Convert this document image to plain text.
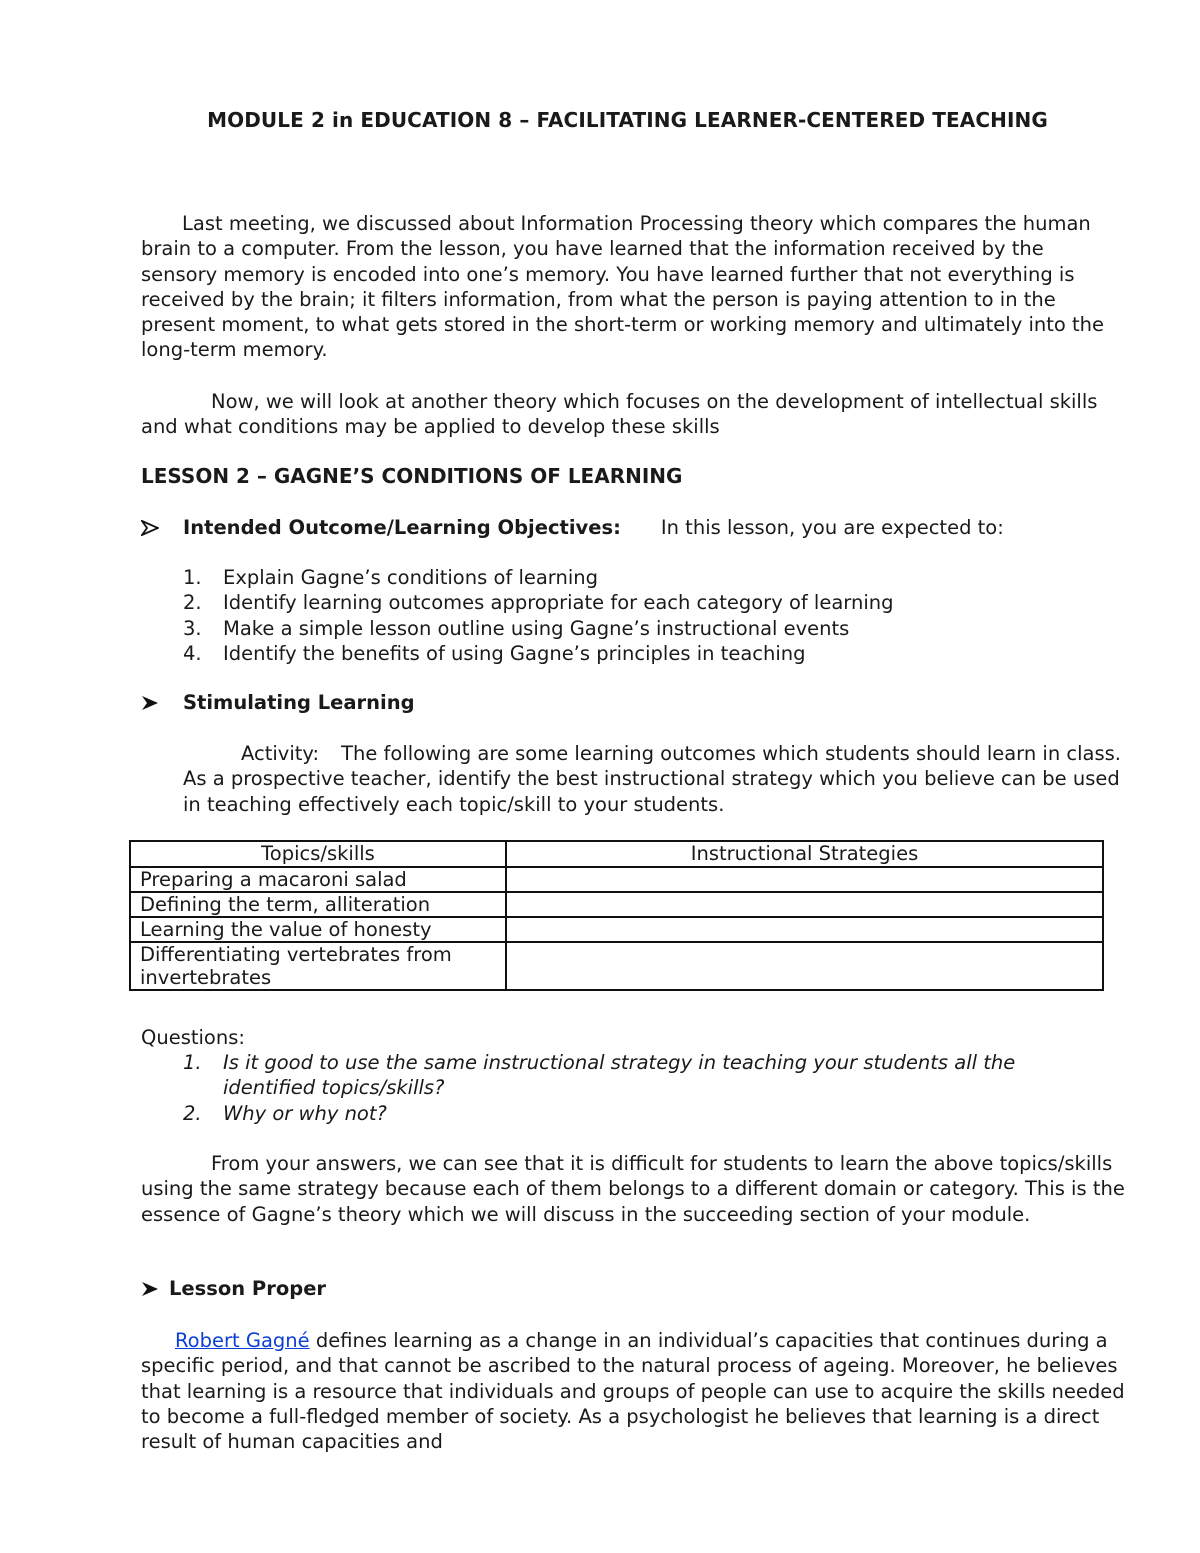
MODULE 2 in EDUCATION 8 – FACILITATING LEARNER-CENTERED TEACHING

Last meeting, we discussed about Information Processing theory which compares the human brain to a computer. From the lesson, you have learned that the information received by the sensory memory is encoded into one’s memory. You have learned further that not everything is received by the brain; it filters information, from what the person is paying attention to in the present moment, to what gets stored in the short-term or working memory and ultimately into the long-term memory.

Now, we will look at another theory which focuses on the development of intellectual skills and what conditions may be applied to develop these skills

LESSON 2 – GAGNE’S CONDITIONS OF LEARNING
Intended Outcome/Learning Objectives: In this lesson, you are expected to:
1.	Explain Gagne’s conditions of learning
2.	Identify learning outcomes appropriate for each category of learning
3.	Make a simple lesson outline using Gagne’s instructional events
4.	Identify the benefits of using Gagne’s principles in teaching
Stimulating Learning

Activity: The following are some learning outcomes which students should learn in class. As a prospective teacher, identify the best instructional strategy which you believe can be used in teaching effectively each topic/skill to your students.

Topics/skills	Instructional Strategies
Preparing a macaroni salad	
Defining the term, alliteration	
Learning the value of honesty	
Differentiating vertebrates from invertebrates	
Questions:
1.	Is it good to use the same instructional strategy in teaching your students all the identified topics/skills?
2.	Why or why not?

From your answers, we can see that it is difficult for students to learn the above topics/skills using the same strategy because each of them belongs to a different domain or category. This is the essence of Gagne’s theory which we will discuss in the succeeding section of your module.

Lesson Proper

Robert Gagné defines learning as a change in an individual’s capacities that continues during a specific period, and that cannot be ascribed to the natural process of ageing. Moreover, he believes that learning is a resource that individuals and groups of people can use to acquire the skills needed to become a full-fledged member of society. As a psychologist he believes that learning is a direct result of human capacities and
